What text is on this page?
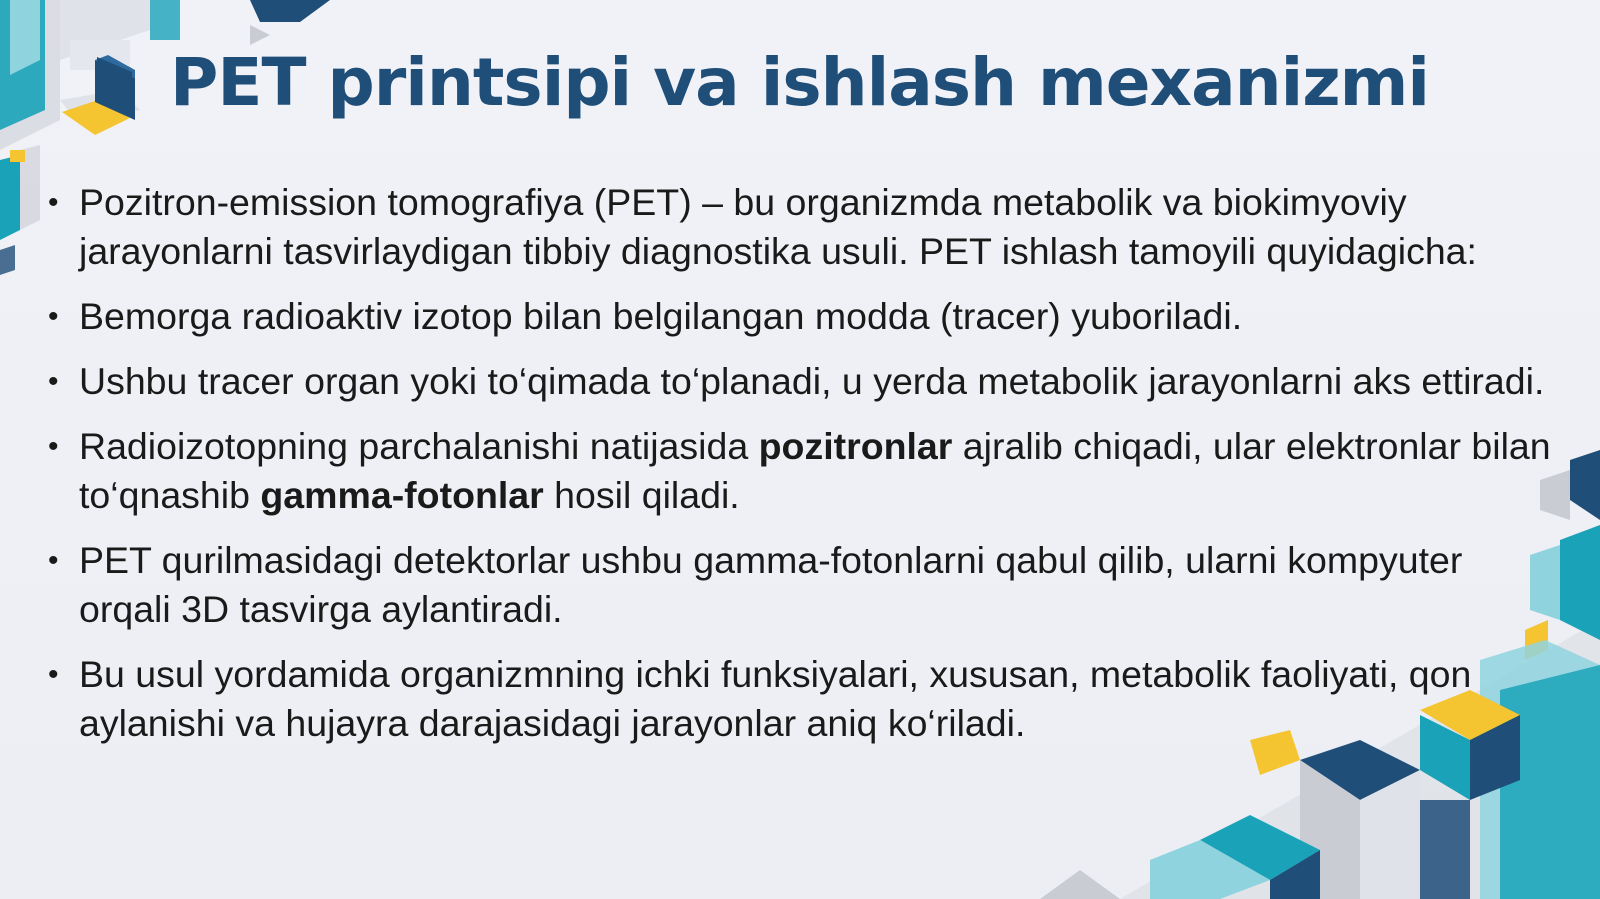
PET printsipi va ishlash mexanizmi
• Pozitron-emission tomografiya (PET) – bu organizmda metabolik va biokimyoviy jarayonlarni tasvirlaydigan tibbiy diagnostika usuli. PET ishlash tamoyili quyidagicha:
• Bemorga radioaktiv izotop bilan belgilangan modda (tracer) yuboriladi.
• Ushbu tracer organ yoki to‘qimada to‘planadi, u yerda metabolik jarayonlarni aks ettiradi.
• Radioizotopning parchalanishi natijasida pozitronlar ajralib chiqadi, ular elektronlar bilan to‘qnashib gamma-fotonlar hosil qiladi.
• PET qurilmasidagi detektorlar ushbu gamma-fotonlarni qabul qilib, ularni kompyuter orqali 3D tasvirga aylantiradi.
• Bu usul yordamida organizmning ichki funksiyalari, xususan, metabolik faoliyati, qon aylanishi va hujayra darajasidagi jarayonlar aniq ko‘riladi.
